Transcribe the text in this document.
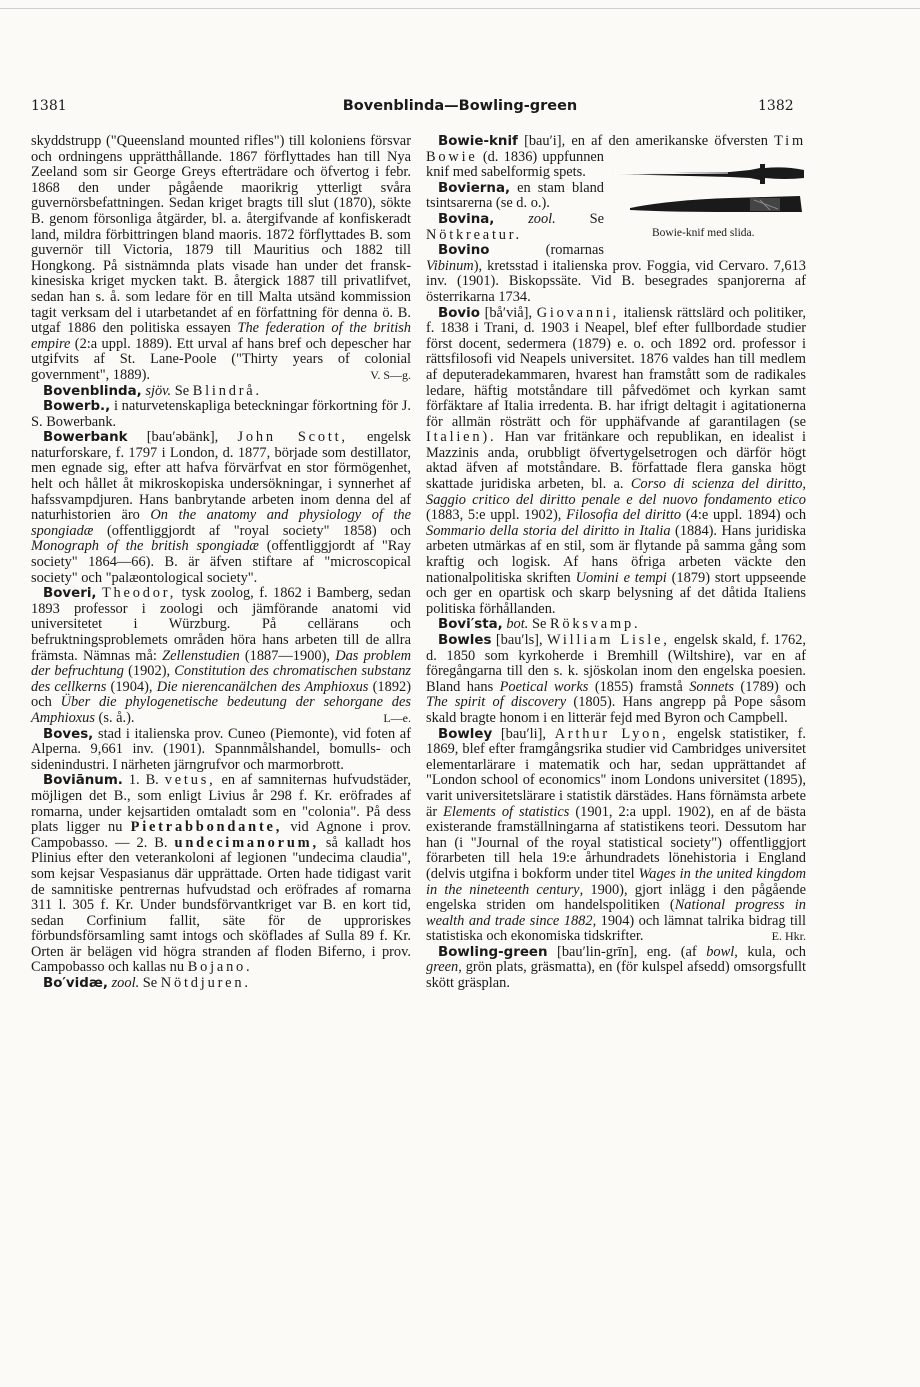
1381	Bovenblinda—Bowling-green	1382

skyddstrupp ("Queensland mounted rifles") till koloniens försvar och ordningens upprätthållande. 1867 förflyttades han till Nya Zeeland som sir George Greys efterträdare och öfvertog i febr. 1868 den under pågående maorikrig ytterligt svåra guvernörsbefattningen. Sedan kriget bragts till slut (1870), sökte B. genom försonliga åtgärder, bl. a. återgifvande af konfiskeradt land, mildra förbittringen bland maoris. 1872 förflyttades B. som guvernör till Victoria, 1879 till Mauritius och 1882 till Hongkong. På sistnämnda plats visade han under det fransk-kinesiska kriget mycken takt. B. återgick 1887 till privatlifvet, sedan han s. å. som ledare för en till Malta utsänd kommission tagit verksam del i utarbetandet af en författning för denna ö. B. utgaf 1886 den politiska essayen The federation of the british empire (2:a uppl. 1889). Ett urval af hans bref och depescher har utgifvits af St. Lane-Poole ("Thirty years of colonial government", 1889).	V. S—g.

Bovenblinda, sjöv. Se Blindrå.

Bowerb., i naturvetenskapliga beteckningar förkortning för J. S. Bowerbank.

Bowerbank [bau′əbänk], John Scott, engelsk naturforskare, f. 1797 i London, d. 1877, började som destillator, men egnade sig, efter att hafva förvärfvat en stor förmögenhet, helt och hållet åt mikroskopiska undersökningar, i synnerhet af hafssvampdjuren. Hans banbrytande arbeten inom denna del af naturhistorien äro On the anatomy and physiology of the spongiadæ (offentliggjordt af "royal society" 1858) och Monograph of the british spongiadæ (offentliggjordt af "Ray society" 1864—66). B. är äfven stiftare af "microscopical society" och "palæontological society".

Boveri, Theodor, tysk zoolog, f. 1862 i Bamberg, sedan 1893 professor i zoologi och jämförande anatomi vid universitetet i Würzburg. På cellärans och befruktningsproblemets områden höra hans arbeten till de allra främsta. Nämnas må: Zellenstudien (1887—1900), Das problem der befruchtung (1902), Constitution des chromatischen substanz des cellkerns (1904), Die nierencanälchen des Amphioxus (1892) och Über die phylogenetische bedeutung der sehorgane des Amphioxus (s. å.).	L—e.

Boves, stad i italienska prov. Cuneo (Piemonte), vid foten af Alperna. 9,661 inv. (1901). Spannmålshandel, bomulls- och sidenindustri. I närheten järngrufvor och marmorbrott.

Boviānum. 1. B. vetus, en af samniternas hufvudstäder, möjligen det B., som enligt Livius år 298 f. Kr. eröfrades af romarna, under kejsartiden omtaladt som en "colonia". På dess plats ligger nu Pietrabbondante, vid Agnone i prov. Campobasso. — 2. B. undecimanorum, så kalladt hos Plinius efter den veterankoloni af legionen "undecima claudia", som kejsar Vespasianus där upprättade. Orten hade tidigast varit de samnitiske pentrernas hufvudstad och eröfrades af romarna 311 l. 305 f. Kr. Under bundsförvantkriget var B. en kort tid, sedan Corfinium fallit, säte för de upproriskes förbundsförsamling samt intogs och sköflades af Sulla 89 f. Kr. Orten är belägen vid högra stranden af floden Biferno, i prov. Campobasso och kallas nu Bojano.

Bo′vidæ, zool. Se Nötdjuren.

Bowie-knif [bau′i], en af den amerikanske öfversten
Bowie-knif med slida.
Tim Bowie (d. 1836) uppfunnen knif med sabelformig spets.

Bovierna, en stam bland tsintsarerna (se d. o.).

Bovina, zool. Se Nötkreatur.

Bovino	(romarnas Vibinum), kretsstad i italienska prov. Foggia, vid Cervaro. 7,613 inv. (1901). Biskopssäte. Vid B. besegrades spanjorerna af österrikarna 1734.

Bovio [bå′viå], Giovanni, italiensk rättslärd och politiker, f. 1838 i Trani, d. 1903 i Neapel, blef efter fullbordade studier först docent, sedermera (1879) e. o. och 1892 ord. professor i rättsfilosofi vid Neapels universitet. 1876 valdes han till medlem af deputeradekammaren, hvarest han framstått som de radikales ledare, häftig motståndare till påfvedömet och kyrkan samt förfäktare af Italia irredenta. B. har ifrigt deltagit i agitationerna för allmän rösträtt och för upphäfvande af garantilagen (se Italien). Han var fritänkare och republikan, en idealist i Mazzinis anda, orubbligt öfvertygelsetrogen och därför högt aktad äfven af motståndare. B. författade flera ganska högt skattade juridiska arbeten, bl. a. Corso di scienza del diritto, Saggio critico del diritto penale e del nuovo fondamento etico (1883, 5:e uppl. 1902), Filosofia del diritto (4:e uppl. 1894) och Sommario della storia del diritto in Italia (1884). Hans juridiska arbeten utmärkas af en stil, som är flytande på samma gång som kraftig och logisk. Af hans öfriga arbeten väckte den nationalpolitiska skriften Uomini e tempi (1879) stort uppseende och ger en opartisk och skarp belysning af det dåtida Italiens politiska förhållanden.

Bovi′sta, bot. Se Röksvamp.

Bowles [bau′ls], William Lisle, engelsk skald, f. 1762, d. 1850 som kyrkoherde i Bremhill (Wiltshire), var en af föregångarna till den s. k. sjöskolan inom den engelska poesien. Bland hans Poetical works (1855) framstå Sonnets (1789) och The spirit of discovery (1805). Hans angrepp på Pope såsom skald bragte honom i en litterär fejd med Byron och Campbell.

Bowley [bau′li], Arthur Lyon, engelsk statistiker, f. 1869, blef efter framgångsrika studier vid Cambridges universitet elementarlärare i matematik och har, sedan upprättandet af "London school of economics" inom Londons universitet (1895), varit universitetslärare i statistik därstädes. Hans förnämsta arbete är Elements of statistics (1901, 2:a uppl. 1902), en af de bästa existerande framställningarna af statistikens teori. Dessutom har han (i "Journal of the royal statistical society") offentliggjort förarbeten till hela 19:e århundradets lönehistoria i England (delvis utgifna i bokform under titel Wages in the united kingdom in the nineteenth century, 1900), gjort inlägg i den pågående engelska striden om handelspolitiken (National progress in wealth and trade since 1882, 1904) och lämnat talrika bidrag till statistiska och ekonomiska tidskrifter.	E. Hkr.

Bowling-green [bau′lin-grīn], eng. (af bowl, kula, och green, grön plats, gräsmatta), en (för kulspel afsedd) omsorgsfullt skött gräsplan.
